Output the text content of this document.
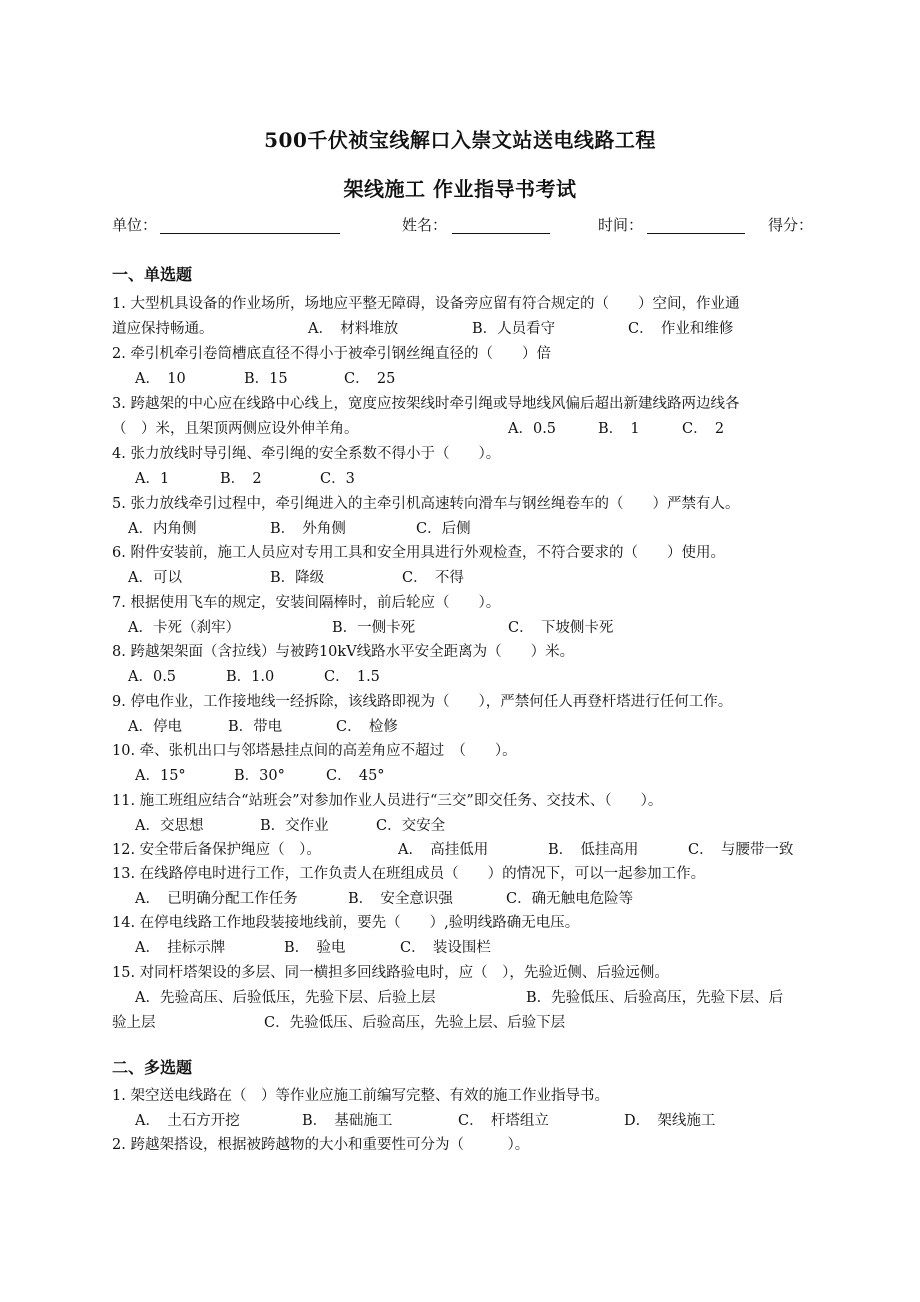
500千伏祯宝线解口入崇文站送电线路工程
架线施工 作业指导书考试
单位：	姓名：	时间：	得分：
一、单选题
1. 大型机具设备的作业场所，场地应平整无障碍，设备旁应留有符合规定的（　　）空间，作业通
道应保持畅通。	A．　材料堆放	B．人员看守	C．　作业和维修
2. 牵引机牵引卷筒槽底直径不得小于被牵引钢丝绳直径的（　　）倍
A．　10	B．15	C．　25
3. 跨越架的中心应在线路中心线上，宽度应按架线时牵引绳或导地线风偏后超出新建线路两边线各
（　）米，且架顶两侧应设外伸羊角。	A．0.5	B．　1	C．　2
4. 张力放线时导引绳、牵引绳的安全系数不得小于（　　）。
A．1	B．　2	C．3
5. 张力放线牵引过程中，牵引绳进入的主牵引机高速转向滑车与钢丝绳卷车的（　　）严禁有人。
A．内角侧	B．　外角侧	C．后侧
6. 附件安装前，施工人员应对专用工具和安全用具进行外观检查，不符合要求的（　　）使用。
A．可以	B．降级	C．　不得
7. 根据使用飞车的规定，安装间隔棒时，前后轮应（　　）。
A．卡死（刹牢）	B．一侧卡死	C．　下坡侧卡死
8. 跨越架架面（含拉线）与被跨10kV线路水平安全距离为（　　）米。
A．0.5	B．1.0	C．　1.5
9. 停电作业，工作接地线一经拆除，该线路即视为（　　），严禁何任人再登杆塔进行任何工作。
A．停电	B．带电	C．　检修
10. 牵、张机出口与邻塔悬挂点间的高差角应不超过　（　　）。
A．15°	B．30°	C．　45°
11. 施工班组应结合“站班会”对参加作业人员进行“三交”即交任务、交技术、（　　）。
A．交思想	B．交作业	C．交安全
12. 安全带后备保护绳应（　）。	A．　高挂低用	B．　低挂高用	C．　与腰带一致
13. 在线路停电时进行工作，工作负责人在班组成员（　　）的情况下，可以一起参加工作。
A．　已明确分配工作任务	B．　安全意识强	C．确无触电危险等
14. 在停电线路工作地段装接地线前，要先（　　）,验明线路确无电压。
A．　挂标示牌	B．　验电	C．　装设围栏
15. 对同杆塔架设的多层、同一横担多回线路验电时，应（　），先验近侧、后验远侧。
A．先验高压、后验低压，先验下层、后验上层	B．先验低压、后验高压，先验下层、后
验上层	C．先验低压、后验高压，先验上层、后验下层
二、多选题
1. 架空送电线路在（　）等作业应施工前编写完整、有效的施工作业指导书。
A．　土石方开挖	B．　基础施工	C．　杆塔组立	D．　架线施工
2. 跨越架搭设，根据被跨越物的大小和重要性可分为（　　　）。
